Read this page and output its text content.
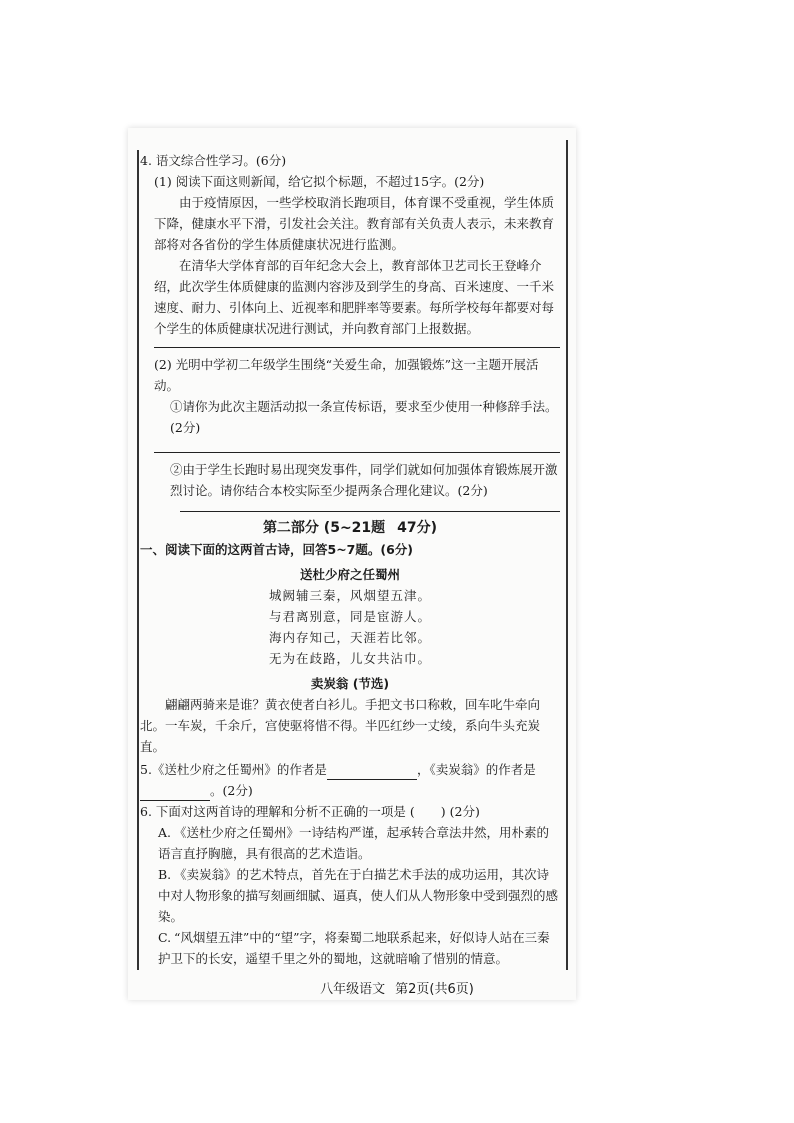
4. 语文综合性学习。(6分)

(1) 阅读下面这则新闻，给它拟个标题，不超过15字。(2分)

由于疫情原因，一些学校取消长跑项目，体育课不受重视，学生体质下降，健康水平下滑，引发社会关注。教育部有关负责人表示，未来教育部将对各省份的学生体质健康状况进行监测。

在清华大学体育部的百年纪念大会上，教育部体卫艺司长王登峰介绍，此次学生体质健康的监测内容涉及到学生的身高、百米速度、一千米速度、耐力、引体向上、近视率和肥胖率等要素。每所学校每年都要对每个学生的体质健康状况进行测试，并向教育部门上报数据。

(2) 光明中学初二年级学生围绕“关爱生命，加强锻炼”这一主题开展活动。

①请你为此次主题活动拟一条宣传标语，要求至少使用一种修辞手法。(2分)

②由于学生长跑时易出现突发事件，同学们就如何加强体育锻炼展开激烈讨论。请你结合本校实际至少提两条合理化建议。(2分)

第二部分 (5~21题 47分)

一、阅读下面的这两首古诗，回答5~7题。(6分)

送杜少府之任蜀州

城阙辅三秦，风烟望五津。

与君离别意，同是宦游人。

海内存知己，天涯若比邻。

无为在歧路，儿女共沾巾。

卖炭翁 (节选)

翩翩两骑来是谁？黄衣使者白衫儿。手把文书口称敕，回车叱牛牵向北。一车炭，千余斤，宫使驱将惜不得。半匹红纱一丈绫，系向牛头充炭直。

5.《送杜少府之任蜀州》的作者是	，《卖炭翁》的作者是
。(2分)

6. 下面对这两首诗的理解和分析不正确的一项是 ( ) (2分)

A. 《送杜少府之任蜀州》一诗结构严谨，起承转合章法井然，用朴素的语言直抒胸臆，具有很高的艺术造诣。
B. 《卖炭翁》的艺术特点，首先在于白描艺术手法的成功运用，其次诗中对人物形象的描写刻画细腻、逼真，使人们从人物形象中受到强烈的感染。
C. “风烟望五津”中的“望”字，将秦蜀二地联系起来，好似诗人站在三秦护卫下的长安，遥望千里之外的蜀地，这就暗喻了惜别的情意。
八年级语文 第2页(共6页)
